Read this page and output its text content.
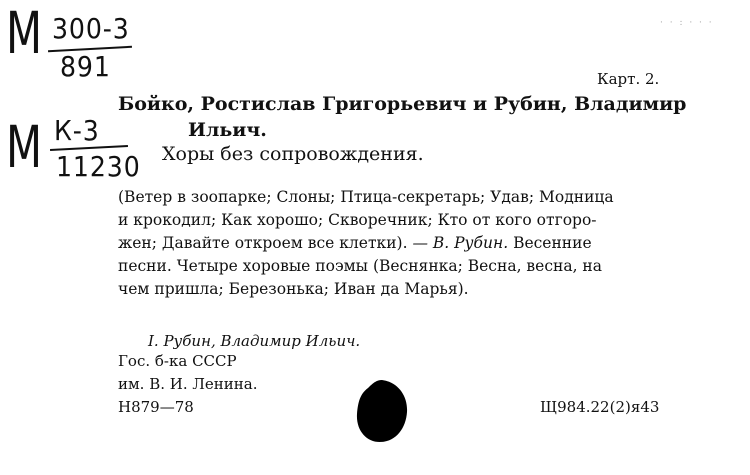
М 300-3
891
М К-3
11230
· · : · · ·
Карт. 2.
Бойко, Ростислав Григорьевич и Рубин, Владимир
Ильич.
Хоры без сопровождения.
(Ветер в зоопарке; Слоны; Птица-секретарь; Удав; Модница
и крокодил; Как хорошо; Скворечник; Кто от кого отгоро-
жен; Давайте откроем все клетки). — В. Рубин. Весенние
песни. Четыре хоровые поэмы (Веснянка; Весна, весна, на
чем пришла; Березонька; Иван да Марья).
I. Рубин, Владимир Ильич.
Гос. б-ка СССР
им. В. И. Ленина.
Н879—78	Щ984.22(2)я43
